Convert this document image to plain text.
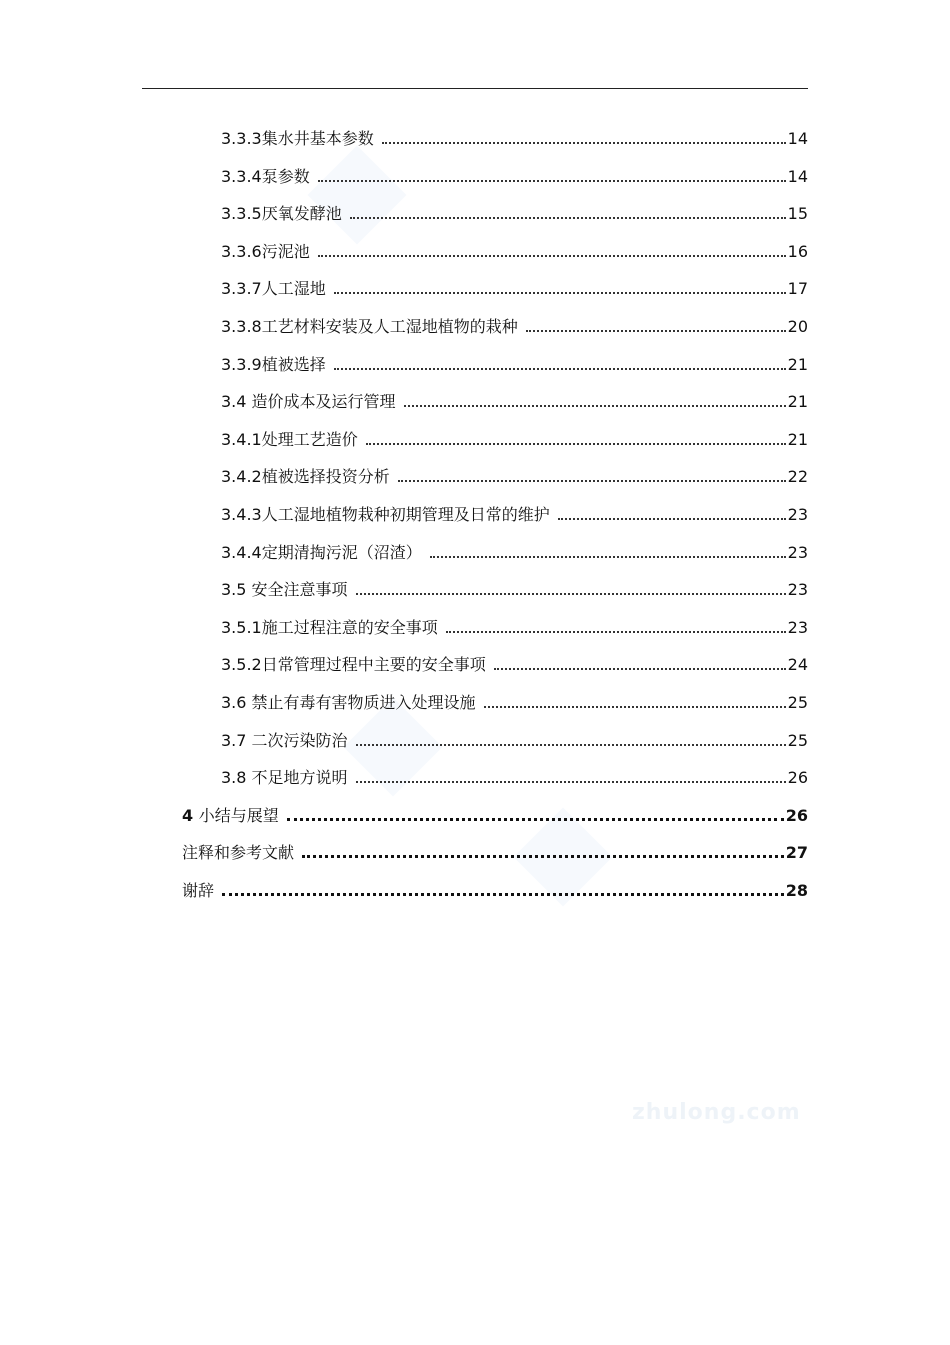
3.3.3集水井基本参数	14
3.3.4泵参数	14
3.3.5厌氧发酵池	15
3.3.6污泥池	16
3.3.7人工湿地	17
3.3.8工艺材料安装及人工湿地植物的栽种	20
3.3.9植被选择	21
3.4 造价成本及运行管理	21
3.4.1处理工艺造价	21
3.4.2植被选择投资分析	22
3.4.3人工湿地植物栽种初期管理及日常的维护	23
3.4.4定期清掏污泥（沼渣）	23
3.5 安全注意事项	23
3.5.1施工过程注意的安全事项	23
3.5.2日常管理过程中主要的安全事项	24
3.6 禁止有毒有害物质进入处理设施	25
3.7 二次污染防治	25
3.8 不足地方说明	26
4 小结与展望	26
注释和参考文献	27
谢辞	28
zhulong.com
